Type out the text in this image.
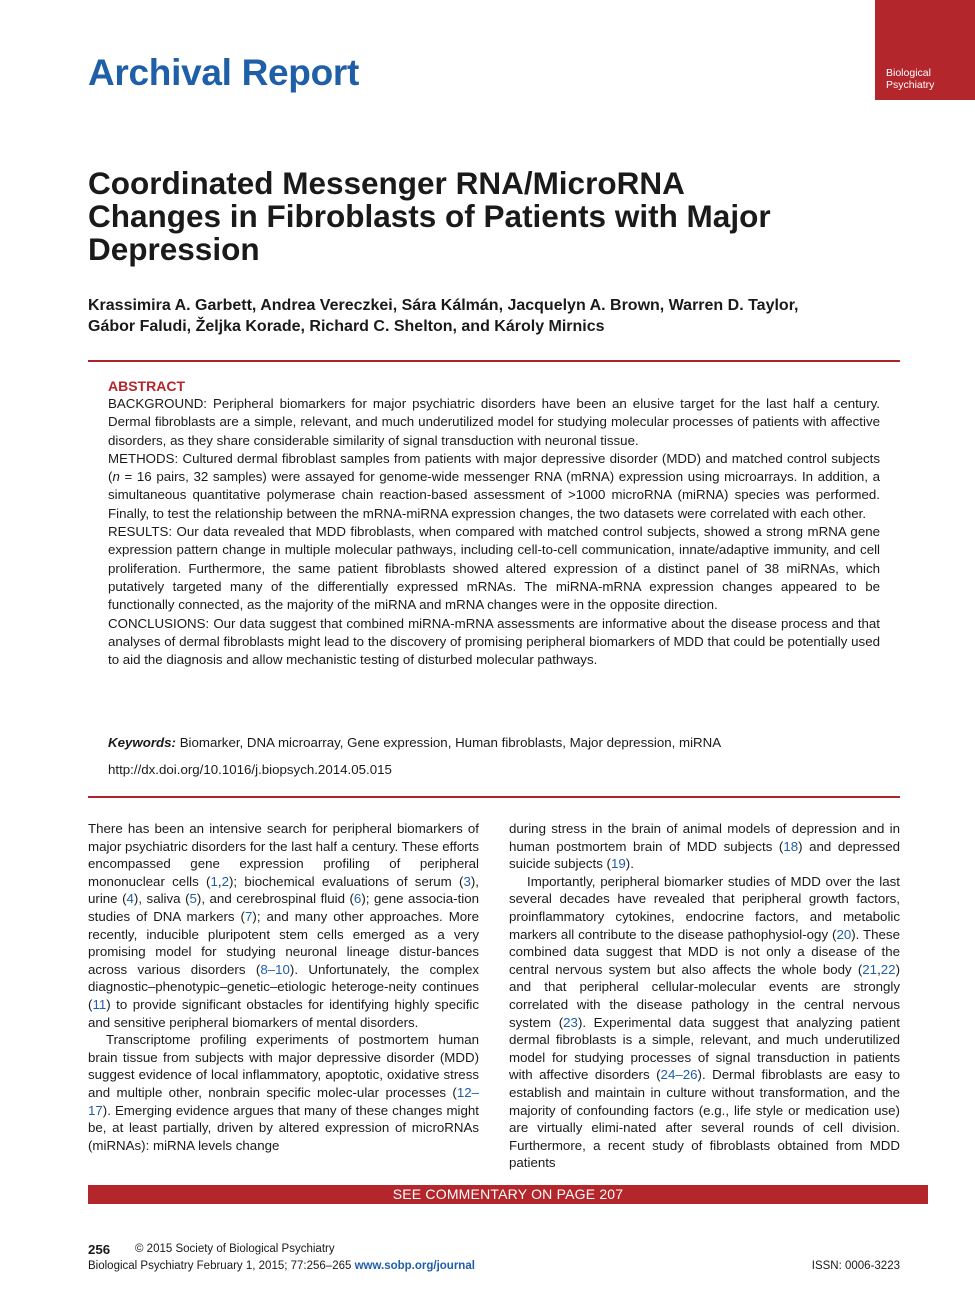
Archival Report	Biological
Psychiatry
Coordinated Messenger RNA/MicroRNA Changes in Fibroblasts of Patients with Major Depression
Krassimira A. Garbett, Andrea Vereczkei, Sára Kálmán, Jacquelyn A. Brown, Warren D. Taylor,
Gábor Faludi, Željka Korade, Richard C. Shelton, and Károly Mirnics
ABSTRACT

BACKGROUND: Peripheral biomarkers for major psychiatric disorders have been an elusive target for the last half a century. Dermal fibroblasts are a simple, relevant, and much underutilized model for studying molecular processes of patients with affective disorders, as they share considerable similarity of signal transduction with neuronal tissue.

METHODS: Cultured dermal fibroblast samples from patients with major depressive disorder (MDD) and matched control subjects (n = 16 pairs, 32 samples) were assayed for genome-wide messenger RNA (mRNA) expression using microarrays. In addition, a simultaneous quantitative polymerase chain reaction-based assessment of >1000 microRNA (miRNA) species was performed. Finally, to test the relationship between the mRNA-miRNA expression changes, the two datasets were correlated with each other.

RESULTS: Our data revealed that MDD fibroblasts, when compared with matched control subjects, showed a strong mRNA gene expression pattern change in multiple molecular pathways, including cell-to-cell communication, innate/adaptive immunity, and cell proliferation. Furthermore, the same patient fibroblasts showed altered expression of a distinct panel of 38 miRNAs, which putatively targeted many of the differentially expressed mRNAs. The miRNA-mRNA expression changes appeared to be functionally connected, as the majority of the miRNA and mRNA changes were in the opposite direction.

CONCLUSIONS: Our data suggest that combined miRNA-mRNA assessments are informative about the disease process and that analyses of dermal fibroblasts might lead to the discovery of promising peripheral biomarkers of MDD that could be potentially used to aid the diagnosis and allow mechanistic testing of disturbed molecular pathways.

Keywords: Biomarker, DNA microarray, Gene expression, Human fibroblasts, Major depression, miRNA
http://dx.doi.org/10.1016/j.biopsych.2014.05.015

There has been an intensive search for peripheral biomarkers of major psychiatric disorders for the last half a century. These efforts encompassed gene expression profiling of peripheral mononuclear cells (1,2); biochemical evaluations of serum (3), urine (4), saliva (5), and cerebrospinal fluid (6); gene associa-tion studies of DNA markers (7); and many other approaches. More recently, inducible pluripotent stem cells emerged as a very promising model for studying neuronal lineage distur-bances across various disorders (8–10). Unfortunately, the complex diagnostic–phenotypic–genetic–etiologic heteroge-neity continues (11) to provide significant obstacles for identifying highly specific and sensitive peripheral biomarkers of mental disorders.

Transcriptome profiling experiments of postmortem human brain tissue from subjects with major depressive disorder (MDD) suggest evidence of local inflammatory, apoptotic, oxidative stress and multiple other, nonbrain specific molec-ular processes (12–17). Emerging evidence argues that many of these changes might be, at least partially, driven by altered expression of microRNAs (miRNAs): miRNA levels change

during stress in the brain of animal models of depression and in human postmortem brain of MDD subjects (18) and depressed suicide subjects (19).

Importantly, peripheral biomarker studies of MDD over the last several decades have revealed that peripheral growth factors, proinflammatory cytokines, endocrine factors, and metabolic markers all contribute to the disease pathophysiol-ogy (20). These combined data suggest that MDD is not only a disease of the central nervous system but also affects the whole body (21,22) and that peripheral cellular-molecular events are strongly correlated with the disease pathology in the central nervous system (23). Experimental data suggest that analyzing patient dermal fibroblasts is a simple, relevant, and much underutilized model for studying processes of signal transduction in patients with affective disorders (24–26). Dermal fibroblasts are easy to establish and maintain in culture without transformation, and the majority of confounding factors (e.g., life style or medication use) are virtually elimi-nated after several rounds of cell division. Furthermore, a recent study of fibroblasts obtained from MDD patients

SEE COMMENTARY ON PAGE 207
256 © 2015 Society of Biological Psychiatry
Biological Psychiatry February 1, 2015; 77:256–265 www.sobp.org/journal	ISSN: 0006-3223
